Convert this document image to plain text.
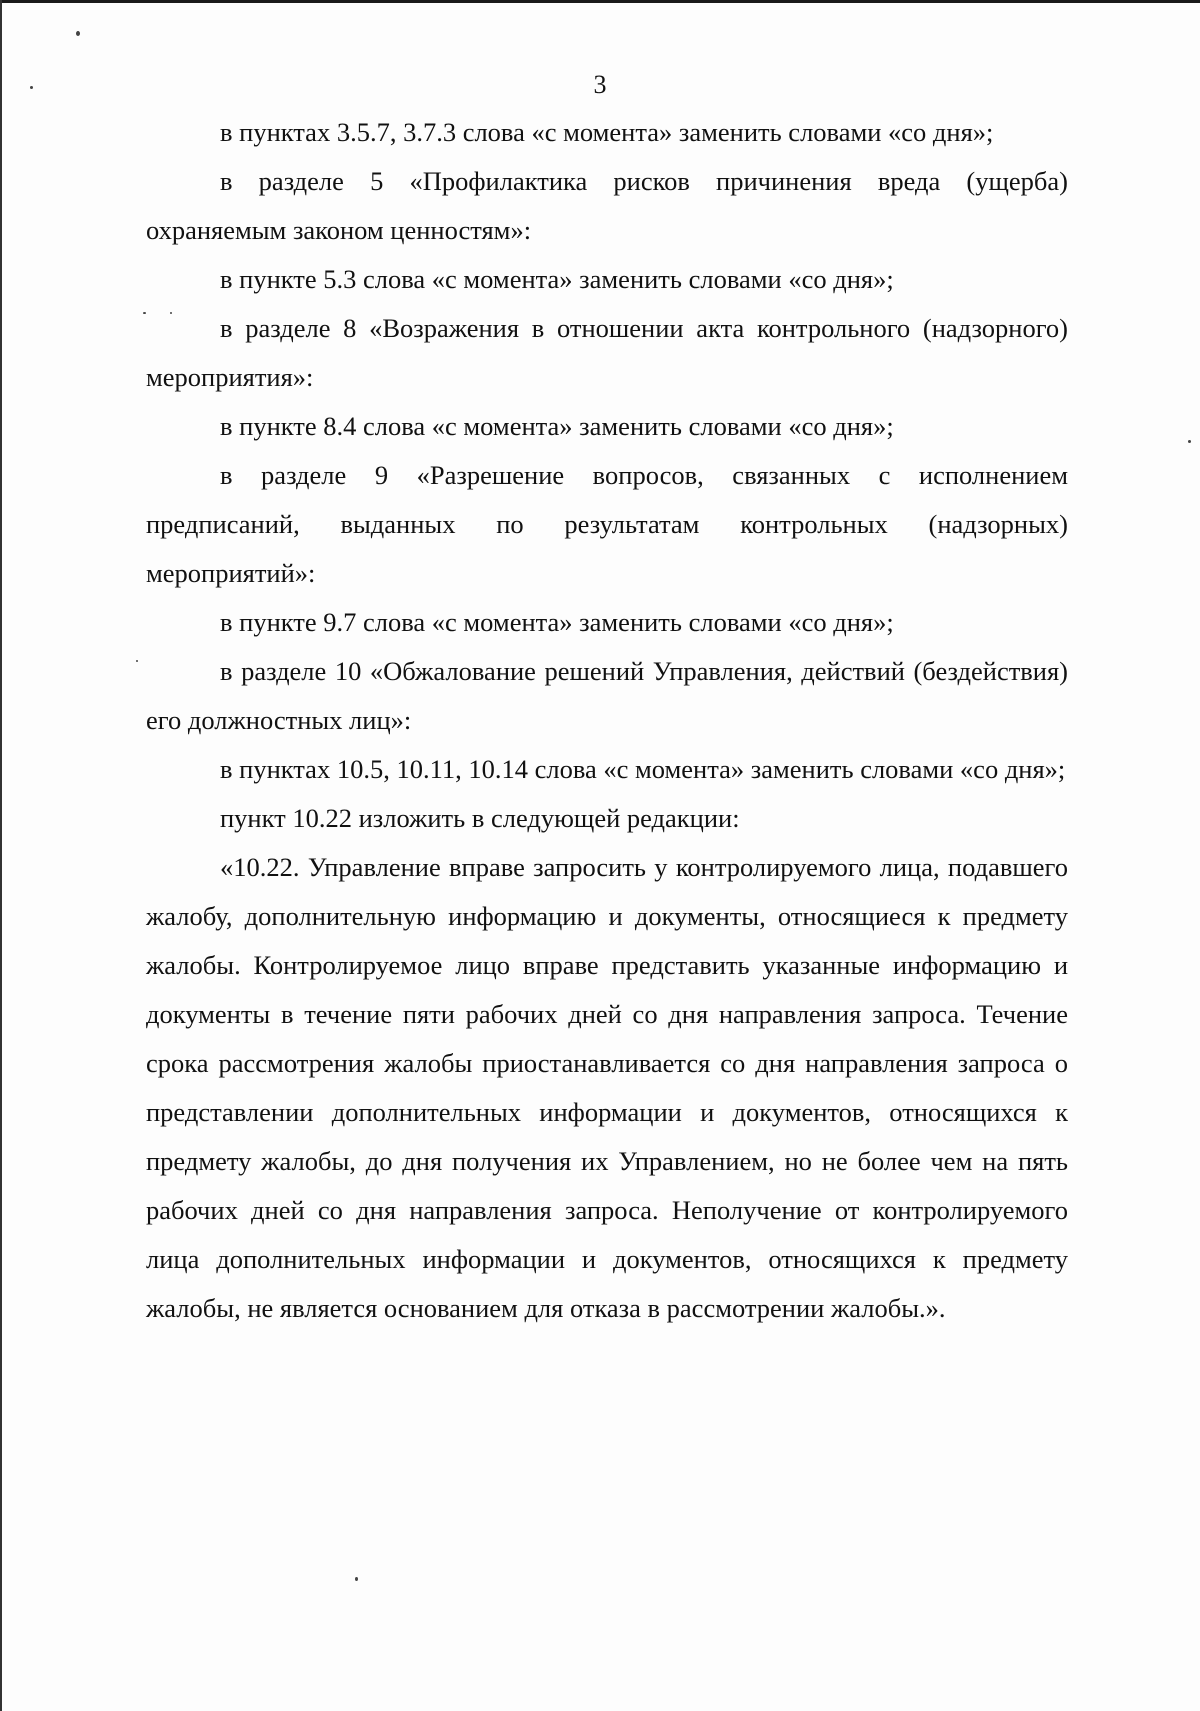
3

в пунктах 3.5.7, 3.7.3 слова «с момента» заменить словами «со дня»;

в разделе 5 «Профилактика рисков причинения вреда (ущерба) охраняемым законом ценностям»:

в пункте 5.3 слова «с момента» заменить словами «со дня»;

в разделе 8 «Возражения в отношении акта контрольного (надзорного) мероприятия»:

в пункте 8.4 слова «с момента» заменить словами «со дня»;

в разделе 9 «Разрешение вопросов, связанных с исполнением предписаний, выданных по результатам контрольных (надзорных) мероприятий»:

в пункте 9.7 слова «с момента» заменить словами «со дня»;

в разделе 10 «Обжалование решений Управления, действий (бездействия) его должностных лиц»:

в пунктах 10.5, 10.11, 10.14 слова «с момента» заменить словами «со дня»;

пункт 10.22 изложить в следующей редакции:

«10.22. Управление вправе запросить у контролируемого лица, подавшего жалобу, дополнительную информацию и документы, относящиеся к предмету жалобы. Контролируемое лицо вправе представить указанные информацию и документы в течение пяти рабочих дней со дня направления запроса. Течение срока рассмотрения жалобы приостанавливается со дня направления запроса о представлении дополнительных информации и документов, относящихся к предмету жалобы, до дня получения их Управлением, но не более чем на пять рабочих дней со дня направления запроса. Неполучение от контролируемого лица дополнительных информации и документов, относящихся к предмету жалобы, не является основанием для отказа в рассмотрении жалобы.».
